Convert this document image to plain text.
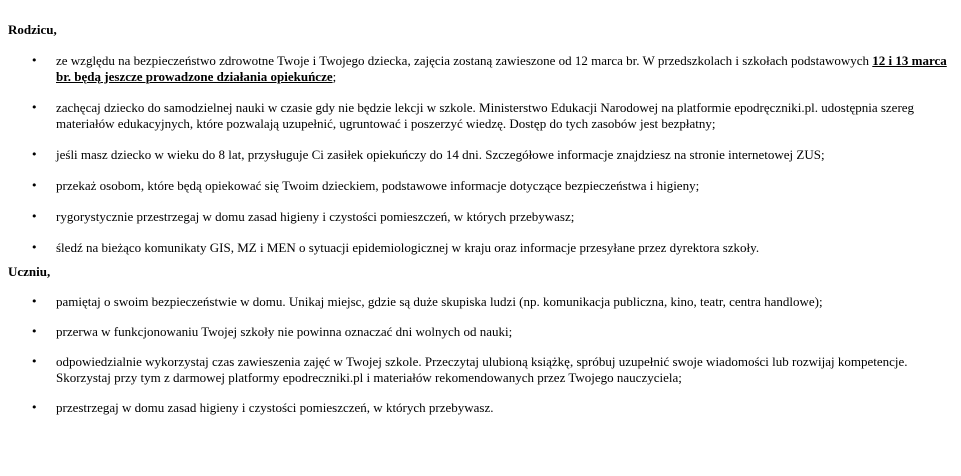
Rodzicu,

• ze względu na bezpieczeństwo zdrowotne Twoje i Twojego dziecka, zajęcia zostaną zawieszone od 12 marca br. W przedszkolach i szkołach podstawowych 12 i 13 marca br. będą jeszcze prowadzone działania opiekuńcze;
• zachęcaj dziecko do samodzielnej nauki w czasie gdy nie będzie lekcji w szkole. Ministerstwo Edukacji Narodowej na platformie epodręczniki.pl. udostępnia szereg materiałów edukacyjnych, które pozwalają uzupełnić, ugruntować i poszerzyć wiedzę. Dostęp do tych zasobów jest bezpłatny;
• jeśli masz dziecko w wieku do 8 lat, przysługuje Ci zasiłek opiekuńczy do 14 dni. Szczegółowe informacje znajdziesz na stronie internetowej ZUS;
• przekaż osobom, które będą opiekować się Twoim dzieckiem, podstawowe informacje dotyczące bezpieczeństwa i higieny;
• rygorystycznie przestrzegaj w domu zasad higieny i czystości pomieszczeń, w których przebywasz;
• śledź na bieżąco komunikaty GIS, MZ i MEN o sytuacji epidemiologicznej w kraju oraz informacje przesyłane przez dyrektora szkoły.

Uczniu,

• pamiętaj o swoim bezpieczeństwie w domu. Unikaj miejsc, gdzie są duże skupiska ludzi (np. komunikacja publiczna, kino, teatr, centra handlowe);
• przerwa w funkcjonowaniu Twojej szkoły nie powinna oznaczać dni wolnych od nauki;
• odpowiedzialnie wykorzystaj czas zawieszenia zajęć w Twojej szkole. Przeczytaj ulubioną książkę, spróbuj uzupełnić swoje wiadomości lub rozwijaj kompetencje. Skorzystaj przy tym z darmowej platformy epodreczniki.pl i materiałów rekomendowanych przez Twojego nauczyciela;
• przestrzegaj w domu zasad higieny i czystości pomieszczeń, w których przebywasz.
